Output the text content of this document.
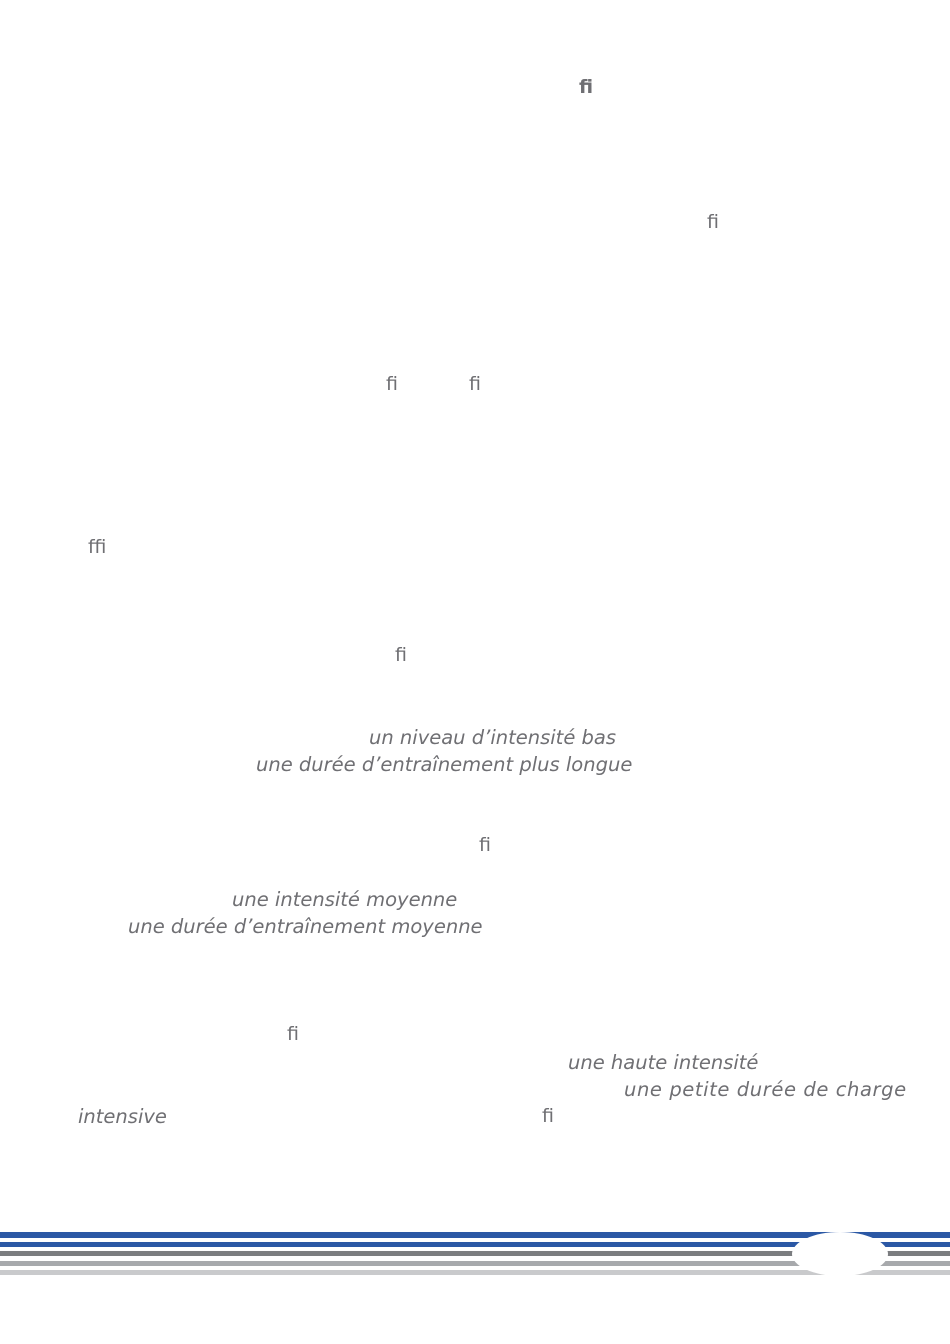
fi
fi
fi	fi
ffi
fi
fi
fi
fi
un niveau d’intensité bas
une durée d’entraînement plus longue
une intensité moyenne
une durée d’entraînement moyenne
une haute intensité
une petite durée de charge
intensive
